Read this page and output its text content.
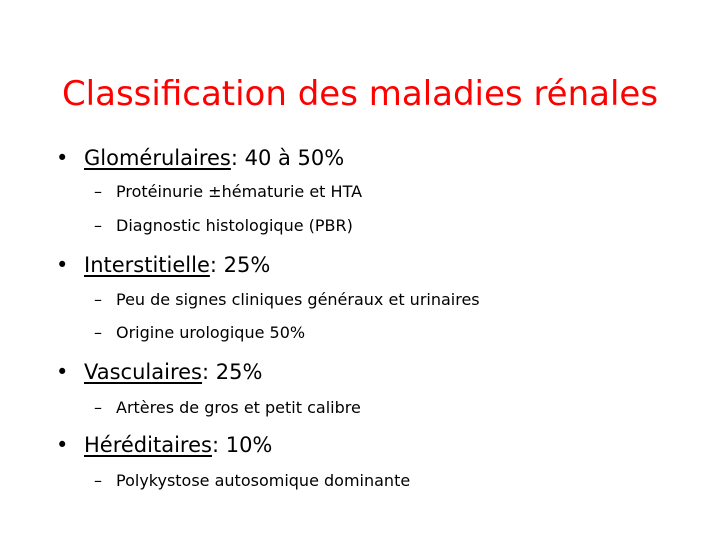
Classification des maladies rénales
• Glomérulaires: 40 à 50%
– Protéinurie ±hématurie et HTA
– Diagnostic histologique (PBR)
• Interstitielle: 25%
– Peu de signes cliniques généraux et urinaires
– Origine urologique 50%
• Vasculaires: 25%
– Artères de gros et petit calibre
• Héréditaires: 10%
– Polykystose autosomique dominante
